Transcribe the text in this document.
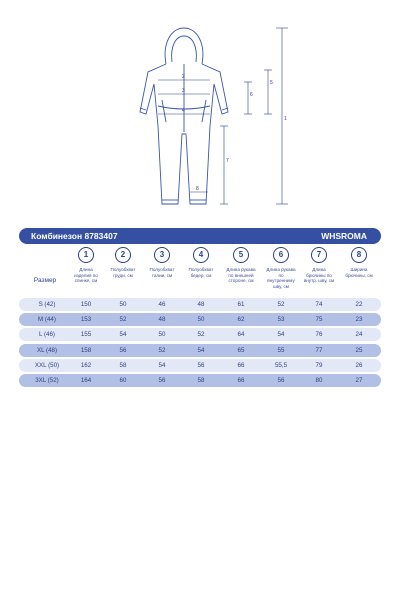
1
2
3
4
5
6
7
8
Комбинезон 8783407	WHSROMA
Размер
1
Длина
изделия по
спинке, см
2
Полуобхват
груди, см
3
Полуобхват
талии, см
4
Полуобхват
бедер, см
5
Длина рукава
по внешней
стороне, см
6
Длина рукава
по
внутреннему
шву, см
7
Длина
брючины по
внутр. шву, см
8
Ширина
брючины, см
S (42)	150	50	46	48	61	52	74	22
M (44)	153	52	48	50	62	53	75	23
L (46)	155	54	50	52	64	54	76	24
XL (48)	158	56	52	54	65	55	77	25
XXL (50)	162	58	54	56	66	55,5	79	26
3XL (52)	164	60	56	58	66	56	80	27
